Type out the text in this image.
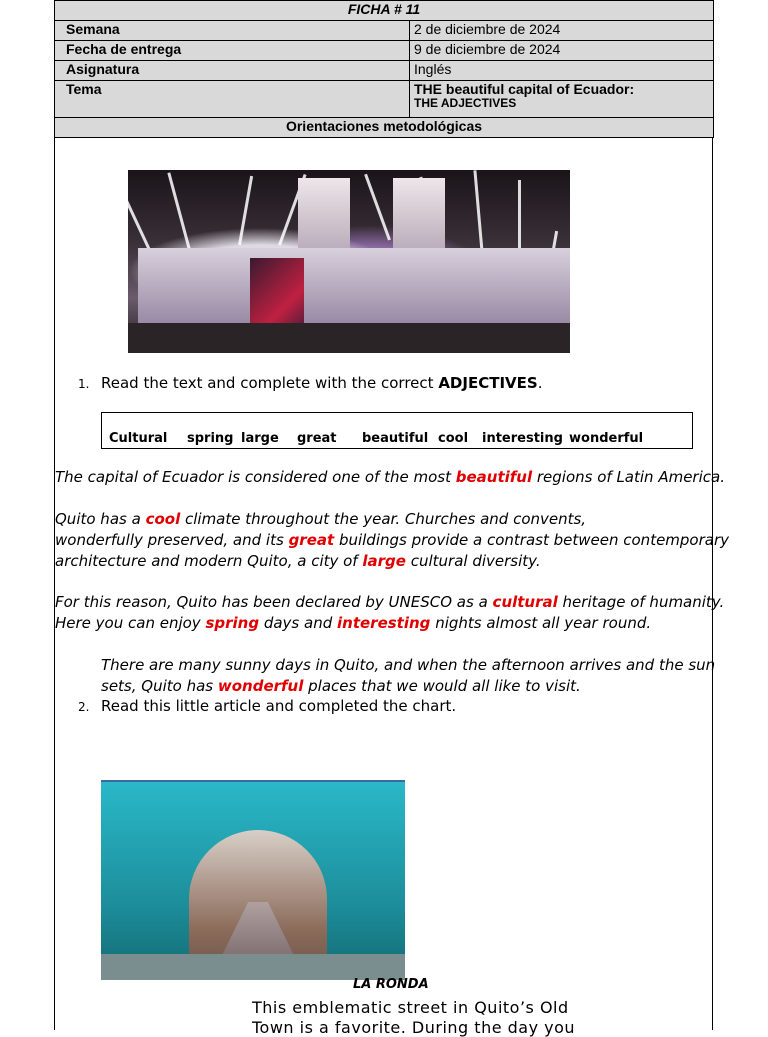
FICHA # 11	
Semana	2 de diciembre de 2024
Fecha de entrega	9 de diciembre de 2024
Asignatura	Inglés
Tema	THE beautiful capital of Ecuador:
THE ADJECTIVES

Orientaciones metodológicas	
1. Read the text and complete with the correct ADJECTIVES.
Cultural spring large great beautiful cool interesting wonderful
The capital of Ecuador is considered one of the most beautiful regions of Latin America.
Quito has a cool climate throughout the year. Churches and convents,
wonderfully preserved, and its great buildings provide a contrast between contemporary
architecture and modern Quito, a city of large cultural diversity.
For this reason, Quito has been declared by UNESCO as a cultural heritage of humanity.
Here you can enjoy spring days and interesting nights almost all year round.
There are many sunny days in Quito, and when the afternoon arrives and the sun
sets, Quito has wonderful places that we would all like to visit.
2. Read this little article and completed the chart.
LA RONDA
This emblematic street in Quito’s Old
Town is a favorite. During the day you
